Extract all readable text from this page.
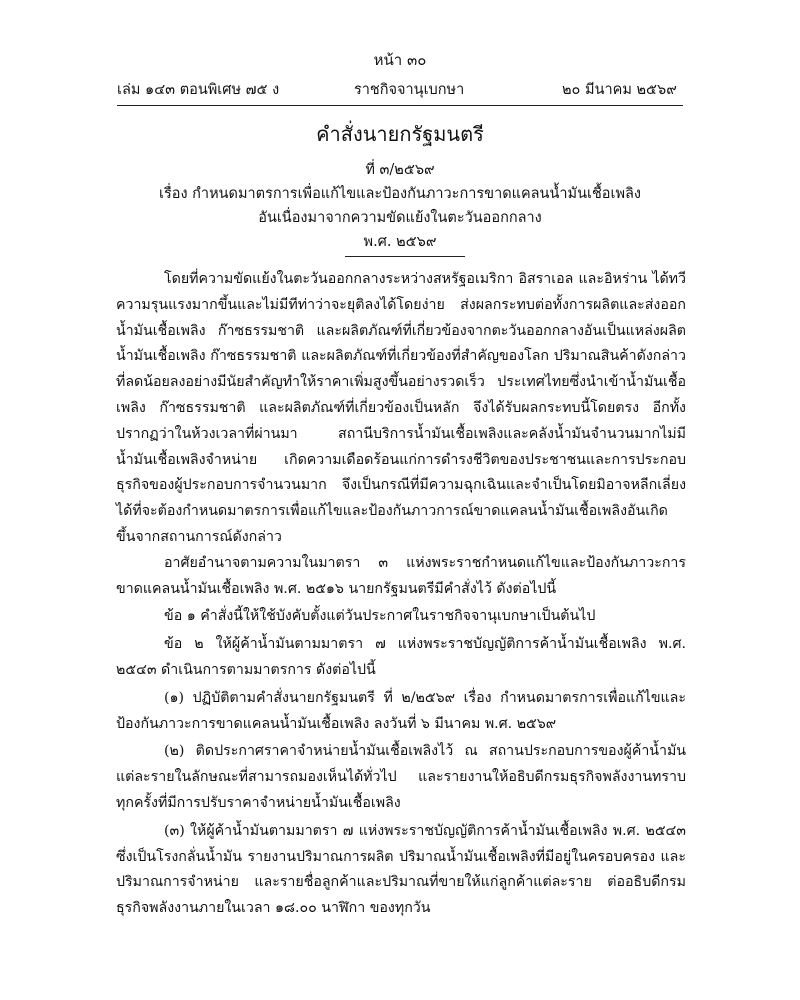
หน้า ๓๐
เล่ม ๑๔๓ ตอนพิเศษ ๗๕ ง	ราชกิจจานุเบกษา	๒๐ มีนาคม ๒๕๖๙
คำสั่งนายกรัฐมนตรี
ที่ ๓/๒๕๖๙
เรื่อง กำหนดมาตรการเพื่อแก้ไขและป้องกันภาวะการขาดแคลนน้ำมันเชื้อเพลิง
อันเนื่องมาจากความขัดแย้งในตะวันออกกลาง
พ.ศ. ๒๕๖๙

โดยที่ความขัดแย้งในตะวันออกกลางระหว่างสหรัฐอเมริกา อิสราเอล และอิหร่าน ได้ทวีความรุนแรงมากขึ้นและไม่มีทีท่าว่าจะยุติลงได้โดยง่าย ส่งผลกระทบต่อทั้งการผลิตและส่งออกน้ำมันเชื้อเพลิง ก๊าซธรรมชาติ และผลิตภัณฑ์ที่เกี่ยวข้องจากตะวันออกกลางอันเป็นแหล่งผลิตน้ำมันเชื้อเพลิง ก๊าซธรรมชาติ และผลิตภัณฑ์ที่เกี่ยวข้องที่สำคัญของโลก ปริมาณสินค้าดังกล่าวที่ลดน้อยลงอย่างมีนัยสำคัญทำให้ราคาเพิ่มสูงขึ้นอย่างรวดเร็ว ประเทศไทยซึ่งนำเข้าน้ำมันเชื้อเพลิง ก๊าซธรรมชาติ และผลิตภัณฑ์ที่เกี่ยวข้องเป็นหลัก จึงได้รับผลกระทบนี้โดยตรง อีกทั้งปรากฏว่าในห้วงเวลาที่ผ่านมา สถานีบริการน้ำมันเชื้อเพลิงและคลังน้ำมันจำนวนมากไม่มีน้ำมันเชื้อเพลิงจำหน่าย เกิดความเดือดร้อนแก่การดำรงชีวิตของประชาชนและการประกอบธุรกิจของผู้ประกอบการจำนวนมาก จึงเป็นกรณีที่มีความฉุกเฉินและจำเป็นโดยมิอาจหลีกเลี่ยงได้ที่จะต้องกำหนดมาตรการเพื่อแก้ไขและป้องกันภาวการณ์ขาดแคลนน้ำมันเชื้อเพลิงอันเกิดขึ้นจากสถานการณ์ดังกล่าว

อาศัยอำนาจตามความในมาตรา ๓ แห่งพระราชกำหนดแก้ไขและป้องกันภาวะการขาดแคลนน้ำมันเชื้อเพลิง พ.ศ. ๒๕๑๖ นายกรัฐมนตรีมีคำสั่งไว้ ดังต่อไปนี้

ข้อ ๑ คำสั่งนี้ให้ใช้บังคับตั้งแต่วันประกาศในราชกิจจานุเบกษาเป็นต้นไป

ข้อ ๒ ให้ผู้ค้าน้ำมันตามมาตรา ๗ แห่งพระราชบัญญัติการค้าน้ำมันเชื้อเพลิง พ.ศ. ๒๕๔๓ ดำเนินการตามมาตรการ ดังต่อไปนี้

(๑) ปฏิบัติตามคำสั่งนายกรัฐมนตรี ที่ ๒/๒๕๖๙ เรื่อง กำหนดมาตรการเพื่อแก้ไขและป้องกันภาวะการขาดแคลนน้ำมันเชื้อเพลิง ลงวันที่ ๖ มีนาคม พ.ศ. ๒๕๖๙

(๒) ติดประกาศราคาจำหน่ายน้ำมันเชื้อเพลิงไว้ ณ สถานประกอบการของผู้ค้าน้ำมันแต่ละรายในลักษณะที่สามารถมองเห็นได้ทั่วไป และรายงานให้อธิบดีกรมธุรกิจพลังงานทราบทุกครั้งที่มีการปรับราคาจำหน่ายน้ำมันเชื้อเพลิง

(๓) ให้ผู้ค้าน้ำมันตามมาตรา ๗ แห่งพระราชบัญญัติการค้าน้ำมันเชื้อเพลิง พ.ศ. ๒๕๔๓ ซึ่งเป็นโรงกลั่นน้ำมัน รายงานปริมาณการผลิต ปริมาณน้ำมันเชื้อเพลิงที่มีอยู่ในครอบครอง และปริมาณการจำหน่าย และรายชื่อลูกค้าและปริมาณที่ขายให้แก่ลูกค้าแต่ละราย ต่ออธิบดีกรมธุรกิจพลังงานภายในเวลา ๑๘.๐๐ นาฬิกา ของทุกวัน
